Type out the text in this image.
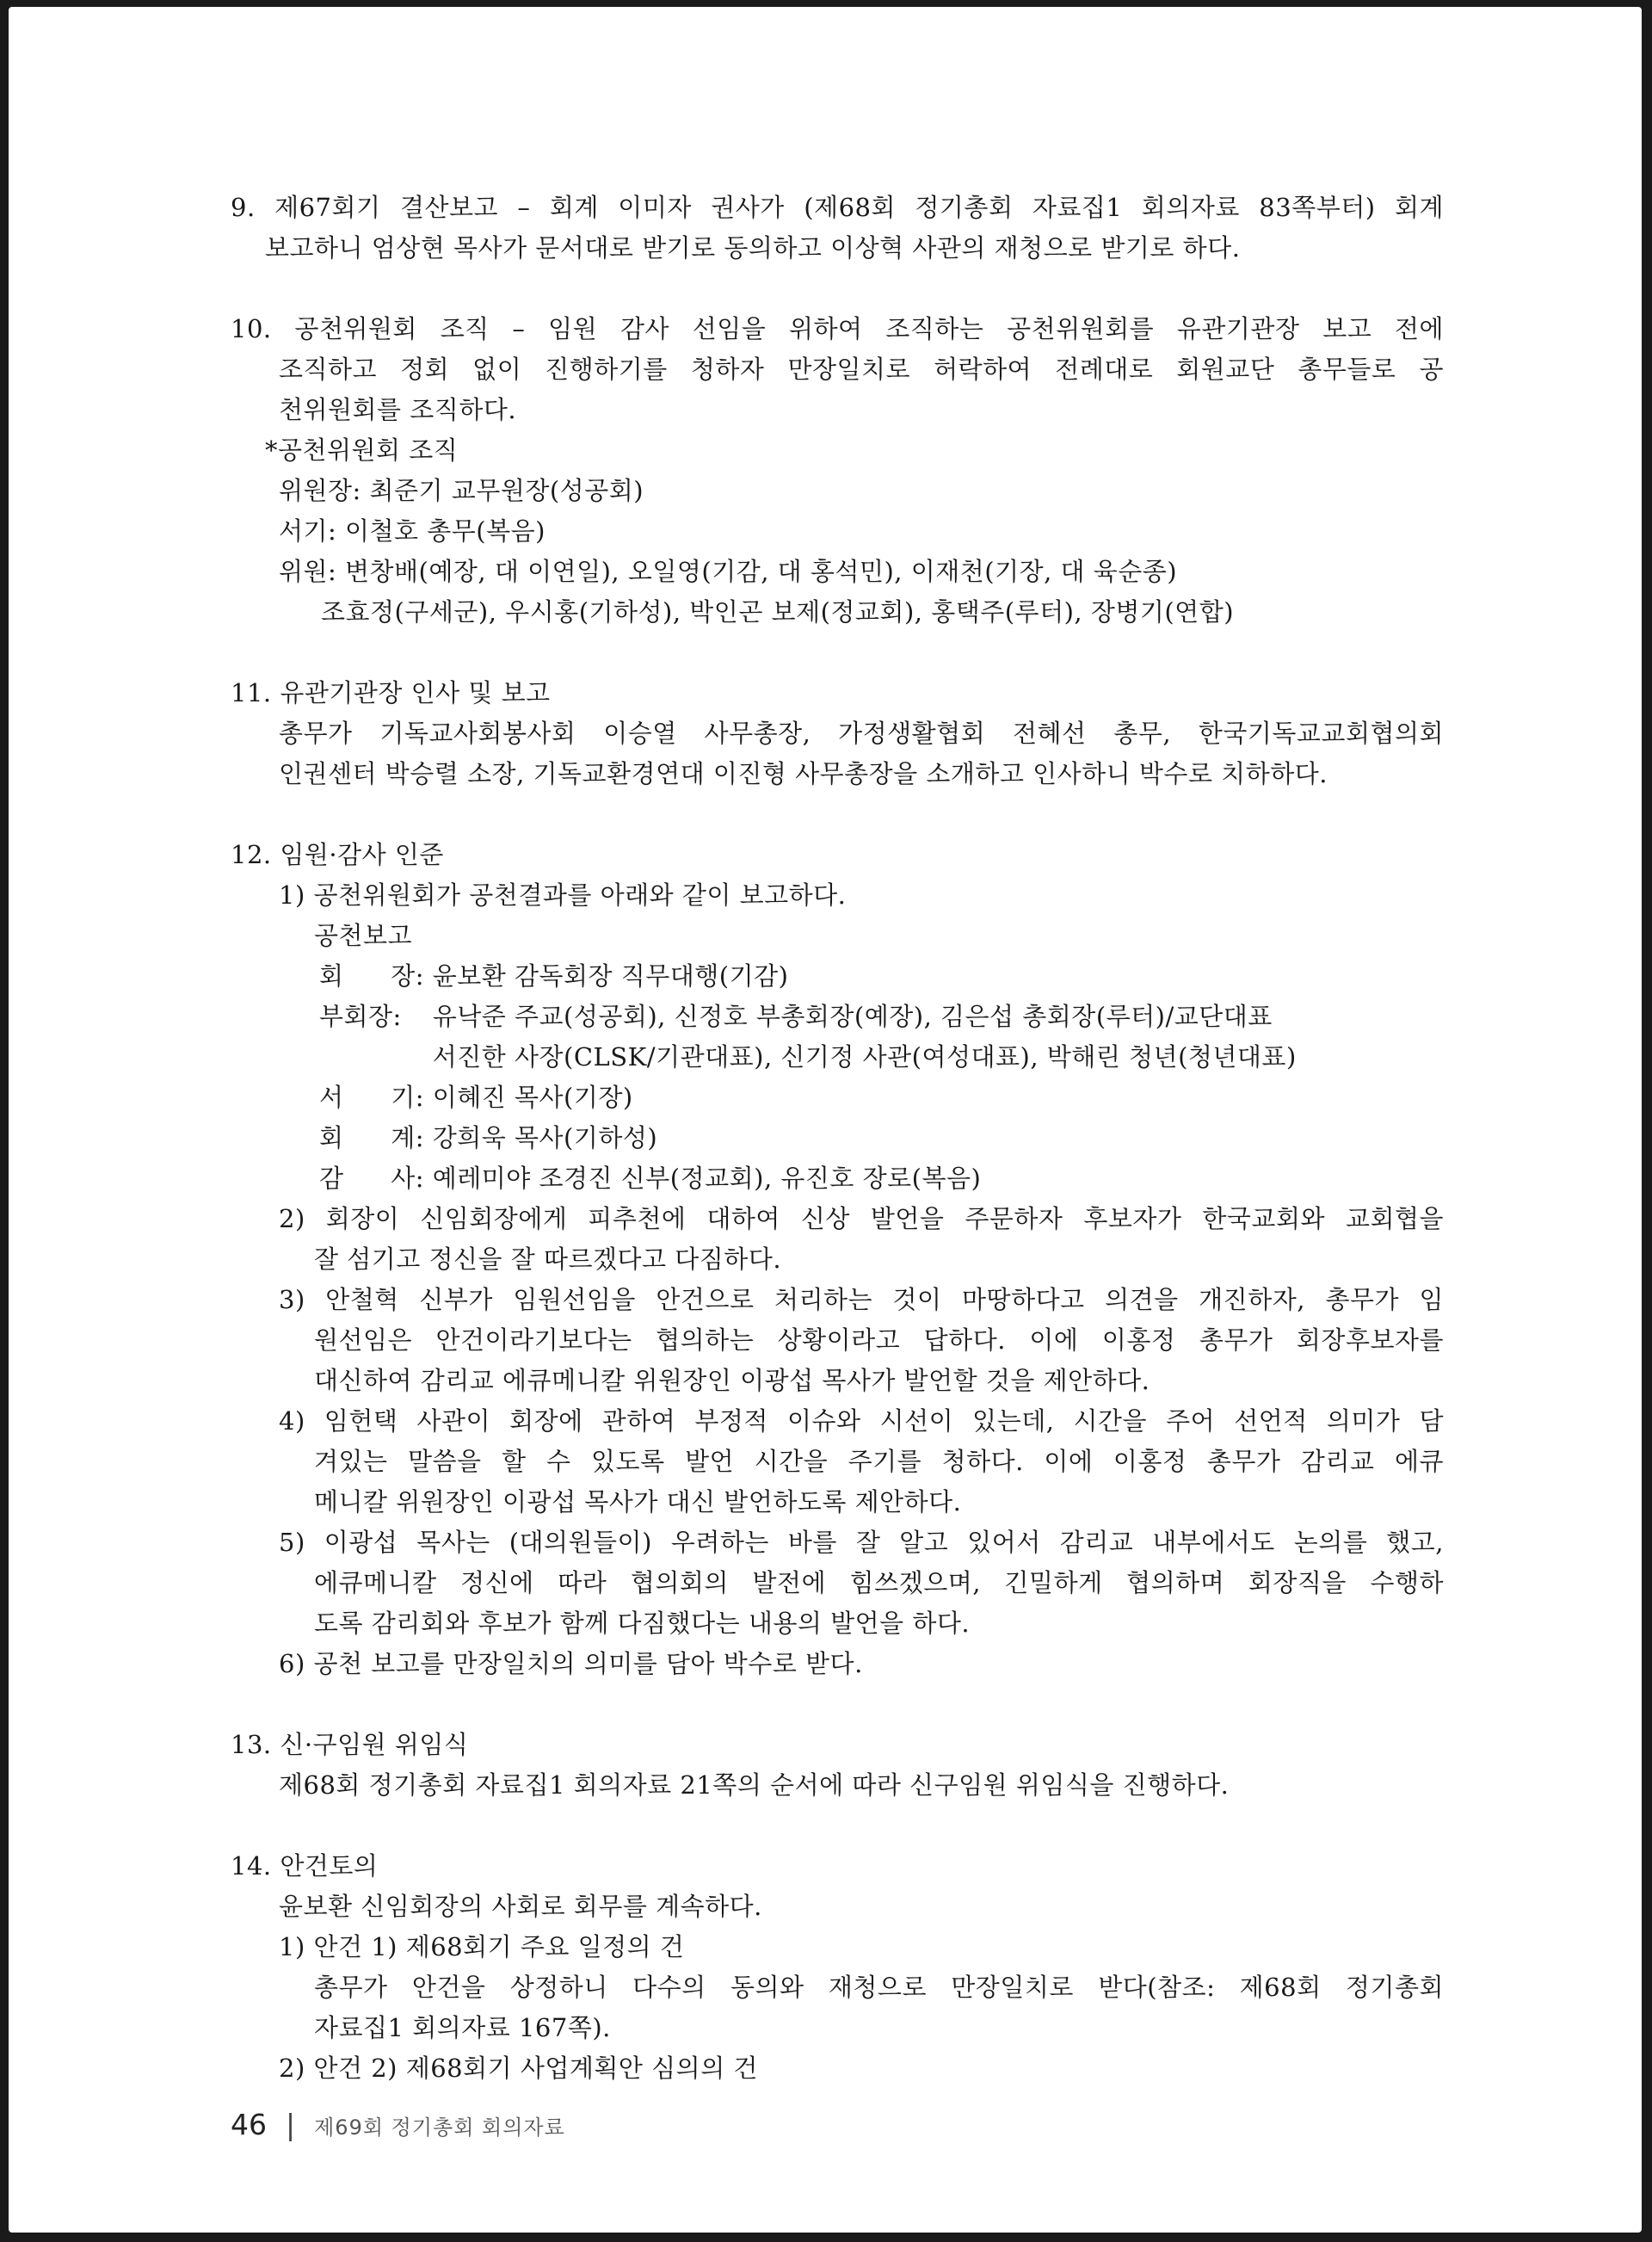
9. 제67회기 결산보고 – 회계 이미자 권사가 (제68회 정기총회 자료집1 회의자료 83쪽부터) 회계
보고하니 엄상현 목사가 문서대로 받기로 동의하고 이상혁 사관의 재청으로 받기로 하다.
10. 공천위원회 조직 – 임원 감사 선임을 위하여 조직하는 공천위원회를 유관기관장 보고 전에
조직하고 정회 없이 진행하기를 청하자 만장일치로 허락하여 전례대로 회원교단 총무들로 공
천위원회를 조직하다.
*공천위원회 조직
위원장: 최준기 교무원장(성공회)
서기: 이철호 총무(복음)
위원: 변창배(예장, 대 이연일), 오일영(기감, 대 홍석민), 이재천(기장, 대 육순종)
조효정(구세군), 우시홍(기하성), 박인곤 보제(정교회), 홍택주(루터), 장병기(연합)
11. 유관기관장 인사 및 보고
총무가 기독교사회봉사회 이승열 사무총장, 가정생활협회 전혜선 총무, 한국기독교교회협의회
인권센터 박승렬 소장, 기독교환경연대 이진형 사무총장을 소개하고 인사하니 박수로 치하하다.
12. 임원·감사 인준
1) 공천위원회가 공천결과를 아래와 같이 보고하다.
공천보고
회 장: 윤보환 감독회장 직무대행(기감)
부회장: 유낙준 주교(성공회), 신정호 부총회장(예장), 김은섭 총회장(루터)/교단대표
서진한 사장(CLSK/기관대표), 신기정 사관(여성대표), 박해린 청년(청년대표)
서 기: 이혜진 목사(기장)
회 계: 강희욱 목사(기하성)
감 사: 예레미야 조경진 신부(정교회), 유진호 장로(복음)
2) 회장이 신임회장에게 피추천에 대하여 신상 발언을 주문하자 후보자가 한국교회와 교회협을
잘 섬기고 정신을 잘 따르겠다고 다짐하다.
3) 안철혁 신부가 임원선임을 안건으로 처리하는 것이 마땅하다고 의견을 개진하자, 총무가 임
원선임은 안건이라기보다는 협의하는 상황이라고 답하다. 이에 이홍정 총무가 회장후보자를
대신하여 감리교 에큐메니칼 위원장인 이광섭 목사가 발언할 것을 제안하다.
4) 임헌택 사관이 회장에 관하여 부정적 이슈와 시선이 있는데, 시간을 주어 선언적 의미가 담
겨있는 말씀을 할 수 있도록 발언 시간을 주기를 청하다. 이에 이홍정 총무가 감리교 에큐
메니칼 위원장인 이광섭 목사가 대신 발언하도록 제안하다.
5) 이광섭 목사는 (대의원들이) 우려하는 바를 잘 알고 있어서 감리교 내부에서도 논의를 했고,
에큐메니칼 정신에 따라 협의회의 발전에 힘쓰겠으며, 긴밀하게 협의하며 회장직을 수행하
도록 감리회와 후보가 함께 다짐했다는 내용의 발언을 하다.
6) 공천 보고를 만장일치의 의미를 담아 박수로 받다.
13. 신·구임원 위임식
제68회 정기총회 자료집1 회의자료 21쪽의 순서에 따라 신구임원 위임식을 진행하다.
14. 안건토의
윤보환 신임회장의 사회로 회무를 계속하다.
1) 안건 1) 제68회기 주요 일정의 건
총무가 안건을 상정하니 다수의 동의와 재청으로 만장일치로 받다(참조: 제68회 정기총회
자료집1 회의자료 167쪽).
2) 안건 2) 제68회기 사업계획안 심의의 건
46 | 제69회 정기총회 회의자료
